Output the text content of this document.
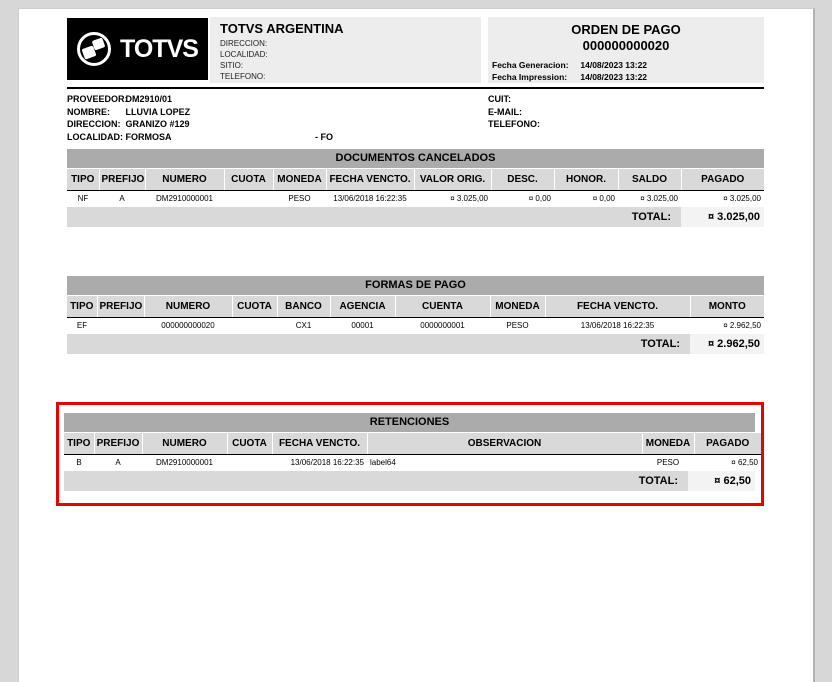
TOTVS
TOTVS ARGENTINA
DIRECCION:
LOCALIDAD:
SITIO:
TELEFONO:
ORDEN DE PAGO
000000000020
Fecha Generacion: 14/08/2023 13:22
Fecha Impression: 14/08/2023 13:22
PROVEEDOR: DM2910/01
NOMBRE: LLUVIA LOPEZ
DIRECCION: GRANIZO #129
LOCALIDAD: FORMOSA	- FO
CUIT:
E-MAIL:
TELEFONO:
DOCUMENTOS CANCELADOS
TIPO	PREFIJO	NUMERO	CUOTA	MONEDA	FECHA VENCTO.	VALOR ORIG.	DESC.	HONOR.	SALDO	PAGADO
NF	A	DM2910000001		PESO	13/06/2018 16:22:35	¤ 3.025,00	¤ 0,00	¤ 0,00	¤ 3.025,00	¤ 3.025,00
TOTAL:	¤ 3.025,00
FORMAS DE PAGO
TIPO	PREFIJO	NUMERO	CUOTA	BANCO	AGENCIA	CUENTA	MONEDA	FECHA VENCTO.	MONTO
EF		000000000020		CX1	00001	0000000001	PESO	13/06/2018 16:22:35	¤ 2.962,50
TOTAL:	¤ 2.962,50
RETENCIONES
TIPO	PREFIJO	NUMERO	CUOTA	FECHA VENCTO.	OBSERVACION	MONEDA	PAGADO
B	A	DM2910000001		13/06/2018 16:22:35	label64	PESO	¤ 62,50
TOTAL:	¤ 62,50
